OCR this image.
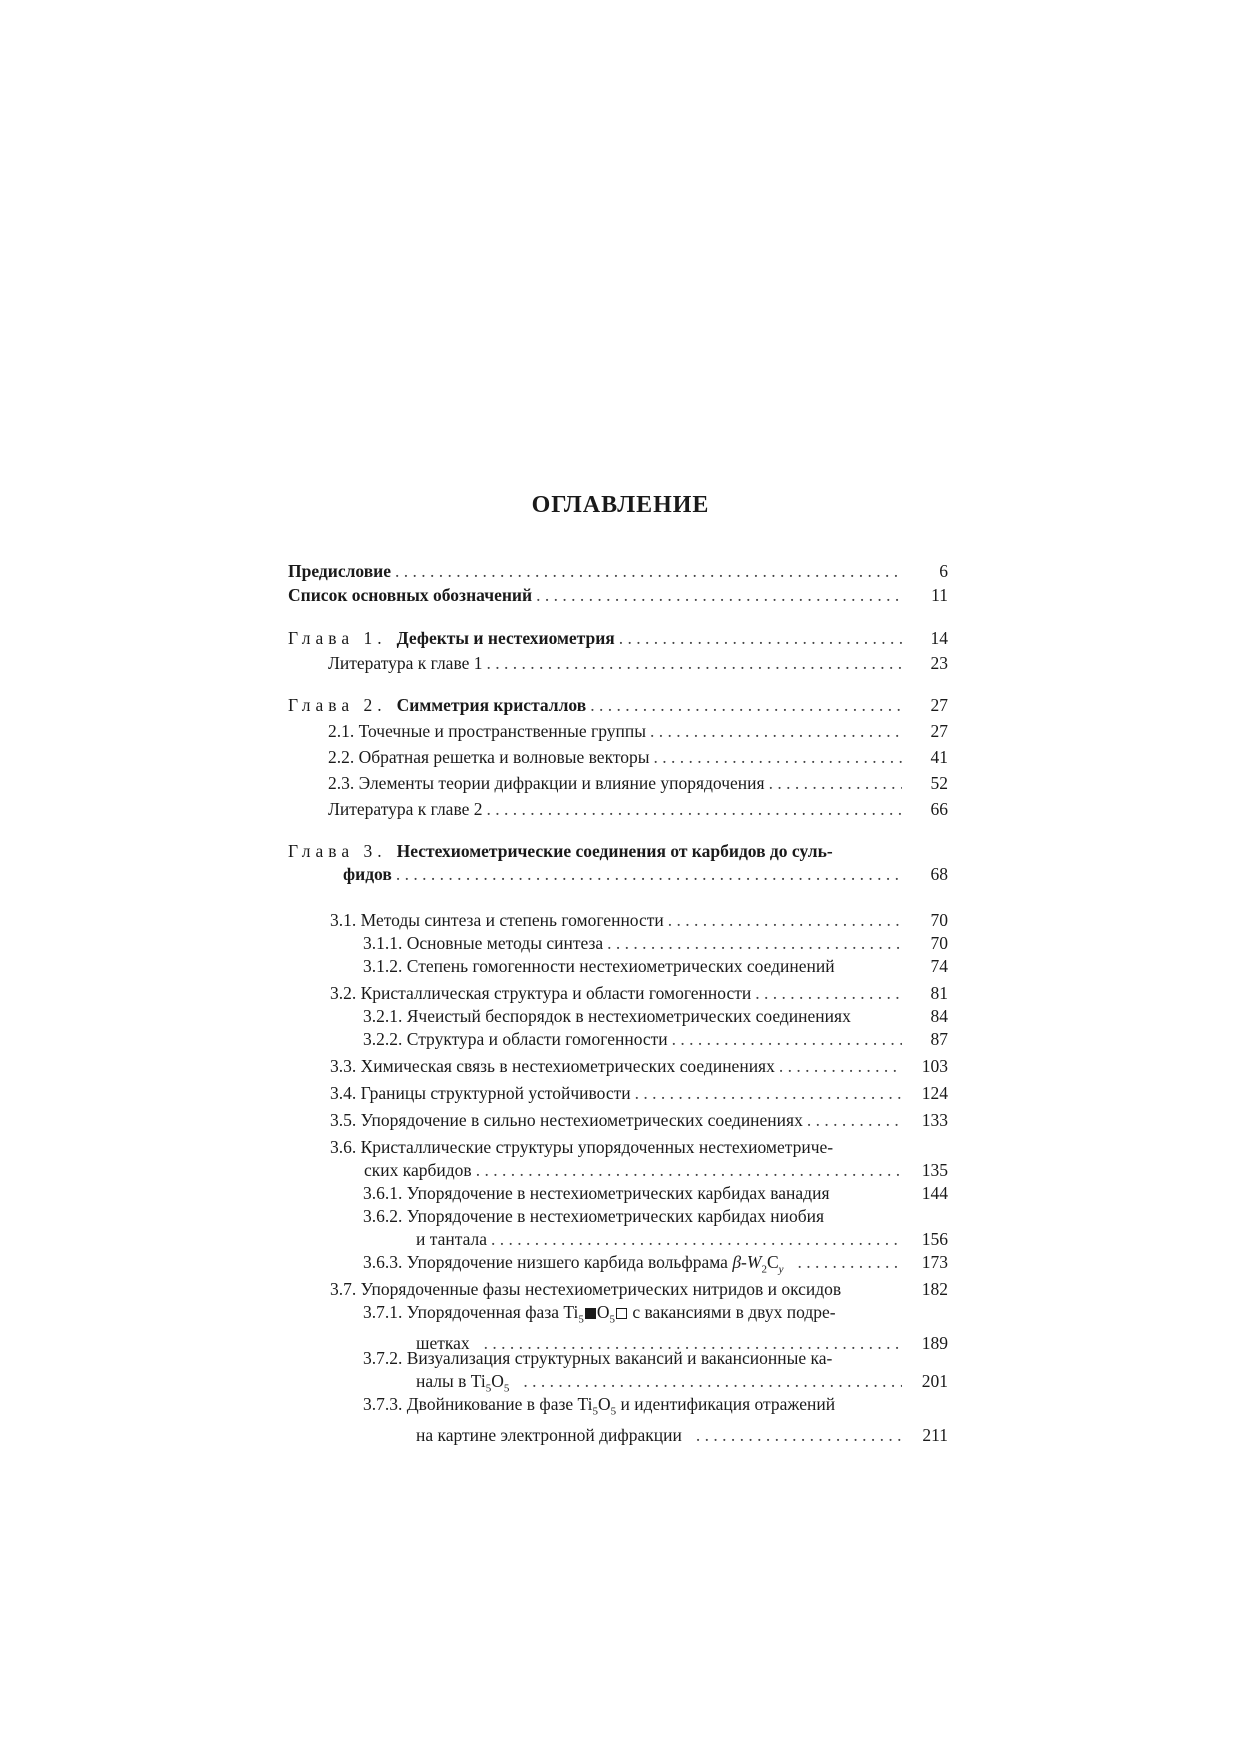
ОГЛАВЛЕНИЕ
Предисловие . . .	6
Список основных обозначений . . .	11
Глава 1. Дефекты и нестехиометрия . . .	14
Литература к главе 1 . . .	23
Глава 2. Симметрия кристаллов . . .	27
2.1. Точечные и пространственные группы . . .	27
2.2. Обратная решетка и волновые векторы . . .	41
2.3. Элементы теории дифракции и влияние упорядочения . . .	52
Литература к главе 2 . . .	66
Глава 3. Нестехиометрические соединения от карбидов до суль-
фидов . . .	68
3.1. Методы синтеза и степень гомогенности . . .	70
3.1.1. Основные методы синтеза . . .	70
3.1.2. Степень гомогенности нестехиометрических соединений	74
3.2. Кристаллическая структура и области гомогенности . . .	81
3.2.1. Ячеистый беспорядок в нестехиометрических соединениях	84
3.2.2. Структура и области гомогенности . . .	87
3.3. Химическая связь в нестехиометрических соединениях . . .	103
3.4. Границы структурной устойчивости . . .	124
3.5. Упорядочение в сильно нестехиометрических соединениях . . .	133
3.6. Кристаллические структуры упорядоченных нестехиометриче-
ских карбидов . . .	135
3.6.1. Упорядочение в нестехиометрических карбидах ванадия	144
3.6.2. Упорядочение в нестехиометрических карбидах ниобия
и тантала . . .	156
3.6.3. Упорядочение низшего карбида вольфрама $\beta-W_2C_y$ . . .	173
3.7. Упорядоченные фазы нестехиометрических нитридов и оксидов	182
3.7.1. Упорядоченная фаза $Ti_5$ $O_5$ с вакансиями в двух подре-
шетках . . .	189
3.7.2. Визуализация структурных вакансий и вакансионные ка-
налы в $Ti_5O_5$ . . .	201
3.7.3. Двойникование в фазе $Ti_5O_5$ и идентификация отражений
на картине электронной дифракции . . .	211
